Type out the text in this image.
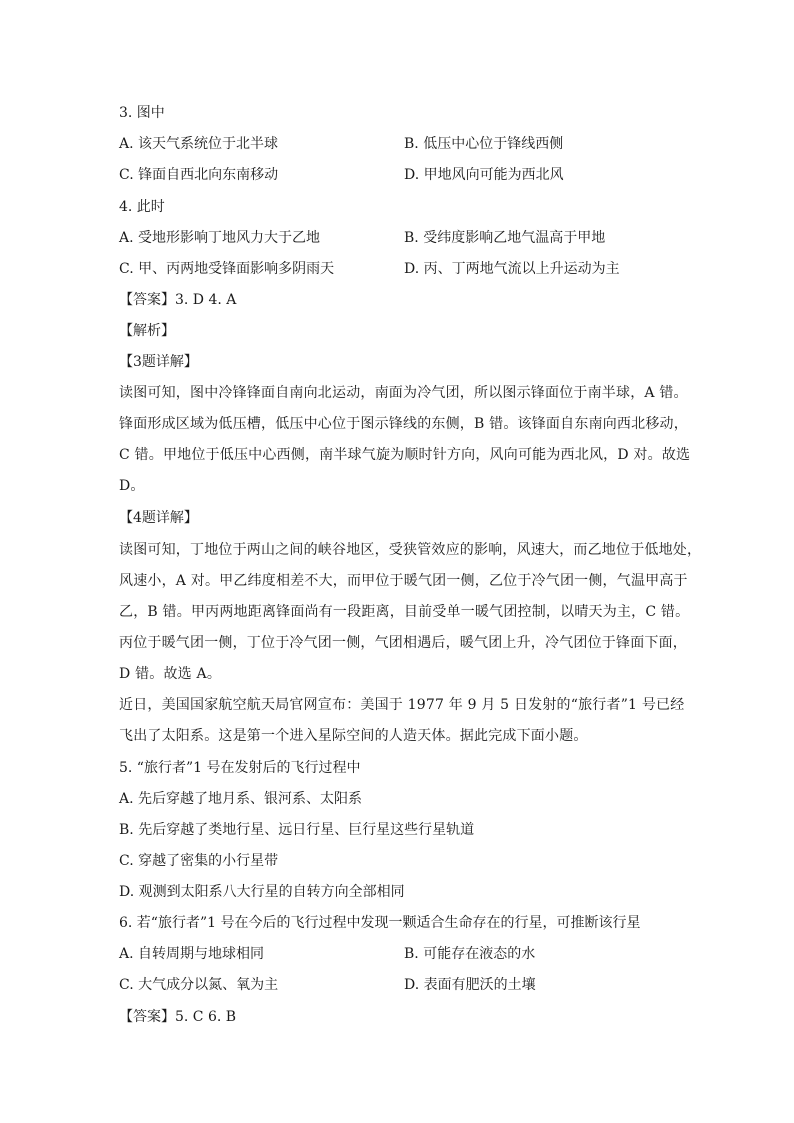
3. 图中
A. 该天气系统位于北半球	B. 低压中心位于锋线西侧
C. 锋面自西北向东南移动	D. 甲地风向可能为西北风
4. 此时
A. 受地形影响丁地风力大于乙地	B. 受纬度影响乙地气温高于甲地
C. 甲、丙两地受锋面影响多阴雨天	D. 丙、丁两地气流以上升运动为主
【答案】3. D 4. A
【解析】
【3题详解】
读图可知，图中冷锋锋面自南向北运动，南面为冷气团，所以图示锋面位于南半球，A 错。
锋面形成区域为低压槽，低压中心位于图示锋线的东侧，B 错。该锋面自东南向西北移动，
C 错。甲地位于低压中心西侧，南半球气旋为顺时针方向，风向可能为西北风，D 对。故选
D。
【4题详解】
读图可知，丁地位于两山之间的峡谷地区，受狭管效应的影响，风速大，而乙地位于低地处，
风速小，A 对。甲乙纬度相差不大，而甲位于暖气团一侧，乙位于冷气团一侧，气温甲高于
乙，B 错。甲丙两地距离锋面尚有一段距离，目前受单一暖气团控制，以晴天为主，C 错。
丙位于暖气团一侧，丁位于冷气团一侧，气团相遇后，暖气团上升，冷气团位于锋面下面，
D 错。故选 A。
近日，美国国家航空航天局官网宣布：美国于 1977 年 9 月 5 日发射的“旅行者”1 号已经
飞出了太阳系。这是第一个进入星际空间的人造天体。据此完成下面小题。
5. “旅行者”1 号在发射后的飞行过程中
A. 先后穿越了地月系、银河系、太阳系
B. 先后穿越了类地行星、远日行星、巨行星这些行星轨道
C. 穿越了密集的小行星带
D. 观测到太阳系八大行星的自转方向全部相同
6. 若“旅行者”1 号在今后的飞行过程中发现一颗适合生命存在的行星，可推断该行星
A. 自转周期与地球相同	B. 可能存在液态的水
C. 大气成分以氮、氧为主	D. 表面有肥沃的土壤
【答案】5. C 6. B
